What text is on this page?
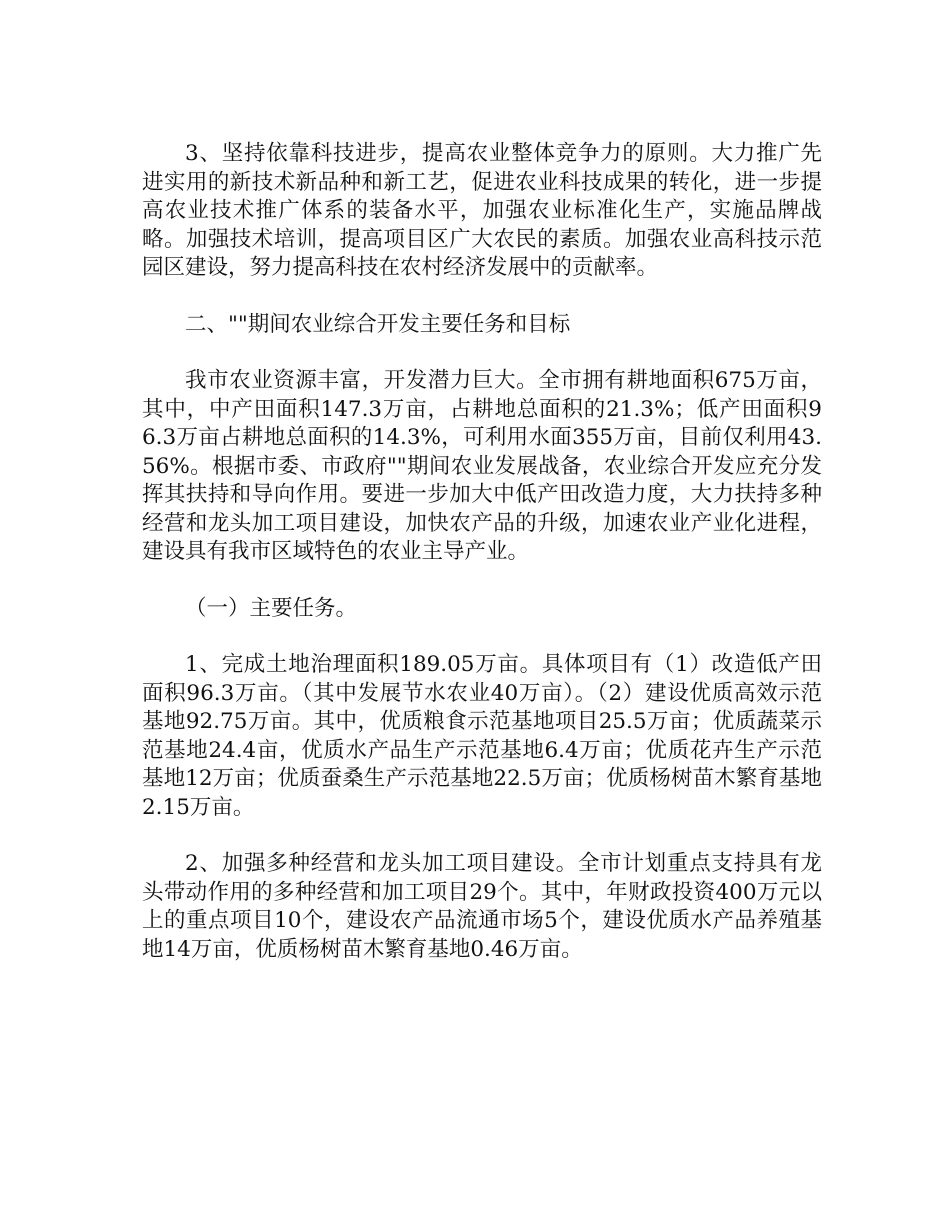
3、坚持依靠科技进步，提高农业整体竞争力的原则。大力推广先进实用的新技术新品种和新工艺，促进农业科技成果的转化，进一步提高农业技术推广体系的装备水平，加强农业标准化生产，实施品牌战略。加强技术培训，提高项目区广大农民的素质。加强农业高科技示范园区建设，努力提高科技在农村经济发展中的贡献率。

二、""期间农业综合开发主要任务和目标

我市农业资源丰富，开发潜力巨大。全市拥有耕地面积675万亩，其中，中产田面积147.3万亩，占耕地总面积的21.3%；低产田面积96.3万亩占耕地总面积的14.3%，可利用水面355万亩，目前仅利用43.56%。根据市委、市政府""期间农业发展战备，农业综合开发应充分发挥其扶持和导向作用。要进一步加大中低产田改造力度，大力扶持多种经营和龙头加工项目建设，加快农产品的升级，加速农业产业化进程，建设具有我市区域特色的农业主导产业。

（一）主要任务。

1、完成土地治理面积189.05万亩。具体项目有（1）改造低产田面积96.3万亩。（其中发展节水农业40万亩）。（2）建设优质高效示范基地92.75万亩。其中，优质粮食示范基地项目25.5万亩；优质蔬菜示范基地24.4亩，优质水产品生产示范基地6.4万亩；优质花卉生产示范基地12万亩；优质蚕桑生产示范基地22.5万亩；优质杨树苗木繁育基地2.15万亩。

2、加强多种经营和龙头加工项目建设。全市计划重点支持具有龙头带动作用的多种经营和加工项目29个。其中，年财政投资400万元以上的重点项目10个，建设农产品流通市场5个，建设优质水产品养殖基地14万亩，优质杨树苗木繁育基地0.46万亩。
